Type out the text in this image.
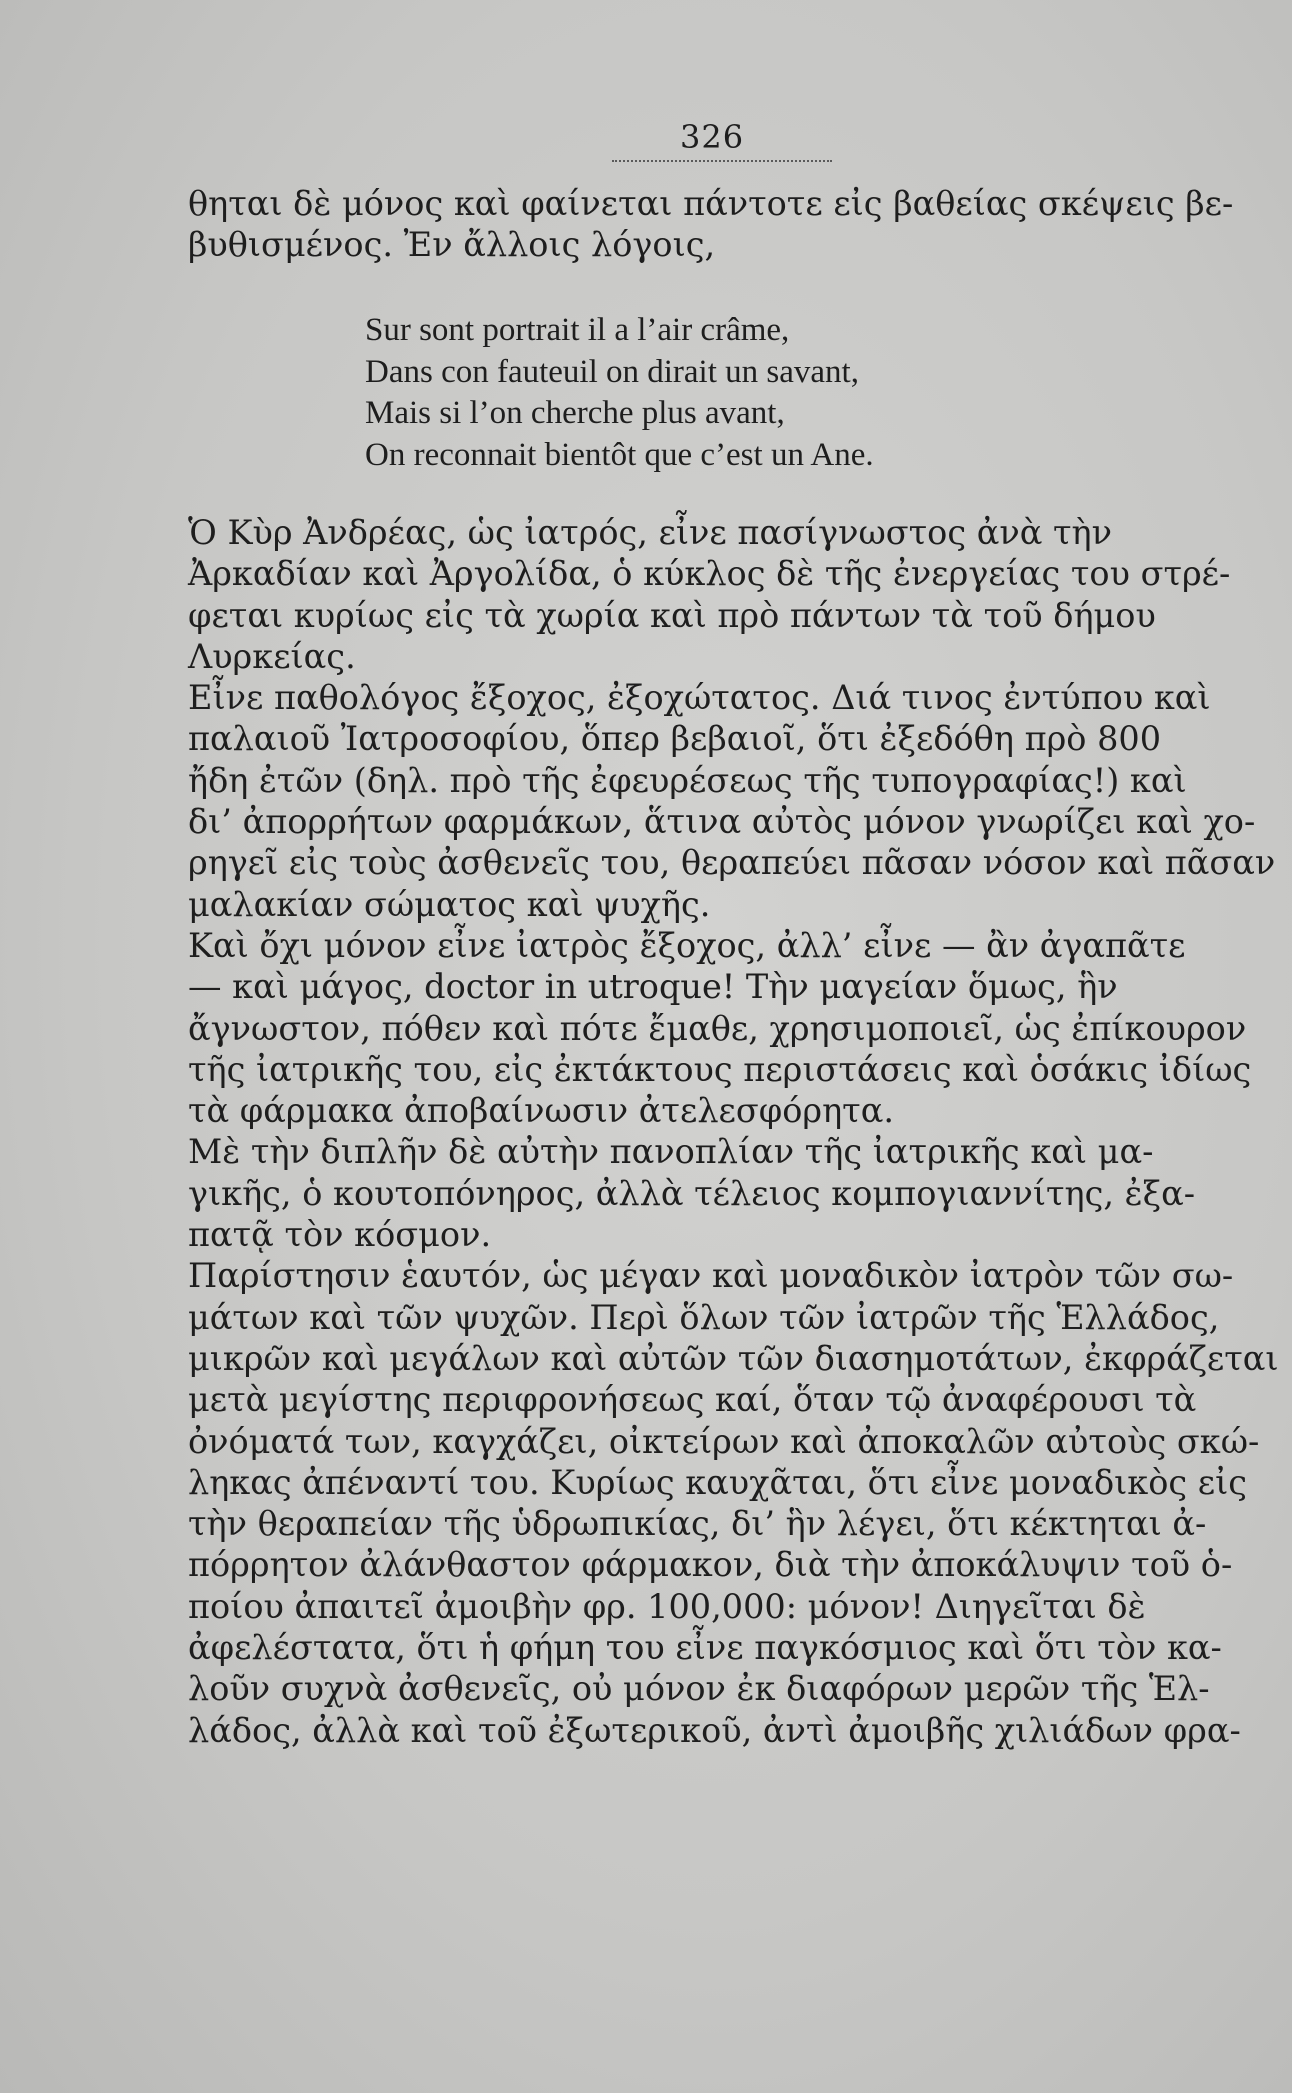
326
θηται δὲ μόνος καὶ φαίνεται πάντοτε εἰς βαθείας σκέψεις βε-
βυθισμένος. Ἐν ἄλλοις λόγοις,
Sur sont portrait il a l’air crâme,
Dans con fauteuil on dirait un savant,
Mais si l’on cherche plus avant,
On reconnait bientôt que c’est un Ane.
Ὁ Κὺρ Ἀνδρέας, ὡς ἰατρός, εἶνε πασίγνωστος ἀνὰ τὴν
Ἀρκαδίαν καὶ Ἀργολίδα, ὁ κύκλος δὲ τῆς ἐνεργείας του στρέ-
φεται κυρίως εἰς τὰ χωρία καὶ πρὸ πάντων τὰ τοῦ δήμου
Λυρκείας.
Εἶνε παθολόγος ἔξοχος, ἐξοχώτατος. Διά τινος ἐντύπου καὶ
παλαιοῦ Ἰατροσοφίου, ὅπερ βεβαιοῖ, ὅτι ἐξεδόθη πρὸ 800
ἤδη ἐτῶν (δηλ. πρὸ τῆς ἐφευρέσεως τῆς τυπογραφίας!) καὶ
δι’ ἀπορρήτων φαρμάκων, ἅτινα αὐτὸς μόνον γνωρίζει καὶ χο-
ρηγεῖ εἰς τοὺς ἀσθενεῖς του, θεραπεύει πᾶσαν νόσον καὶ πᾶσαν
μαλακίαν σώματος καὶ ψυχῆς.
Καὶ ὄχι μόνον εἶνε ἰατρὸς ἔξοχος, ἀλλ’ εἶνε — ἂν ἀγαπᾶτε
— καὶ μάγος, doctor in utroque! Τὴν μαγείαν ὅμως, ἣν
ἄγνωστον, πόθεν καὶ πότε ἔμαθε, χρησιμοποιεῖ, ὡς ἐπίκουρον
τῆς ἰατρικῆς του, εἰς ἐκτάκτους περιστάσεις καὶ ὁσάκις ἰδίως
τὰ φάρμακα ἀποβαίνωσιν ἀτελεσφόρητα.
Μὲ τὴν διπλῆν δὲ αὐτὴν πανοπλίαν τῆς ἰατρικῆς καὶ μα-
γικῆς, ὁ κουτοπόνηρος, ἀλλὰ τέλειος κομπογιαννίτης, ἐξα-
πατᾷ τὸν κόσμον.
Παρίστησιν ἑαυτόν, ὡς μέγαν καὶ μοναδικὸν ἰατρὸν τῶν σω-
μάτων καὶ τῶν ψυχῶν. Περὶ ὅλων τῶν ἰατρῶν τῆς Ἑλλάδος,
μικρῶν καὶ μεγάλων καὶ αὐτῶν τῶν διασημοτάτων, ἐκφράζεται
μετὰ μεγίστης περιφρονήσεως καί, ὅταν τῷ ἀναφέρουσι τὰ
ὀνόματά των, καγχάζει, οἰκτείρων καὶ ἀποκαλῶν αὐτοὺς σκώ-
ληκας ἀπέναντί του. Κυρίως καυχᾶται, ὅτι εἶνε μοναδικὸς εἰς
τὴν θεραπείαν τῆς ὑδρωπικίας, δι’ ἣν λέγει, ὅτι κέκτηται ἀ-
πόρρητον ἀλάνθαστον φάρμακον, διὰ τὴν ἀποκάλυψιν τοῦ ὁ-
ποίου ἀπαιτεῖ ἀμοιβὴν φρ. 100,000: μόνον! Διηγεῖται δὲ
ἀφελέστατα, ὅτι ἡ φήμη του εἶνε παγκόσμιος καὶ ὅτι τὸν κα-
λοῦν συχνὰ ἀσθενεῖς, οὐ μόνον ἐκ διαφόρων μερῶν τῆς Ἑλ-
λάδος, ἀλλὰ καὶ τοῦ ἐξωτερικοῦ, ἀντὶ ἀμοιβῆς χιλιάδων φρα-
